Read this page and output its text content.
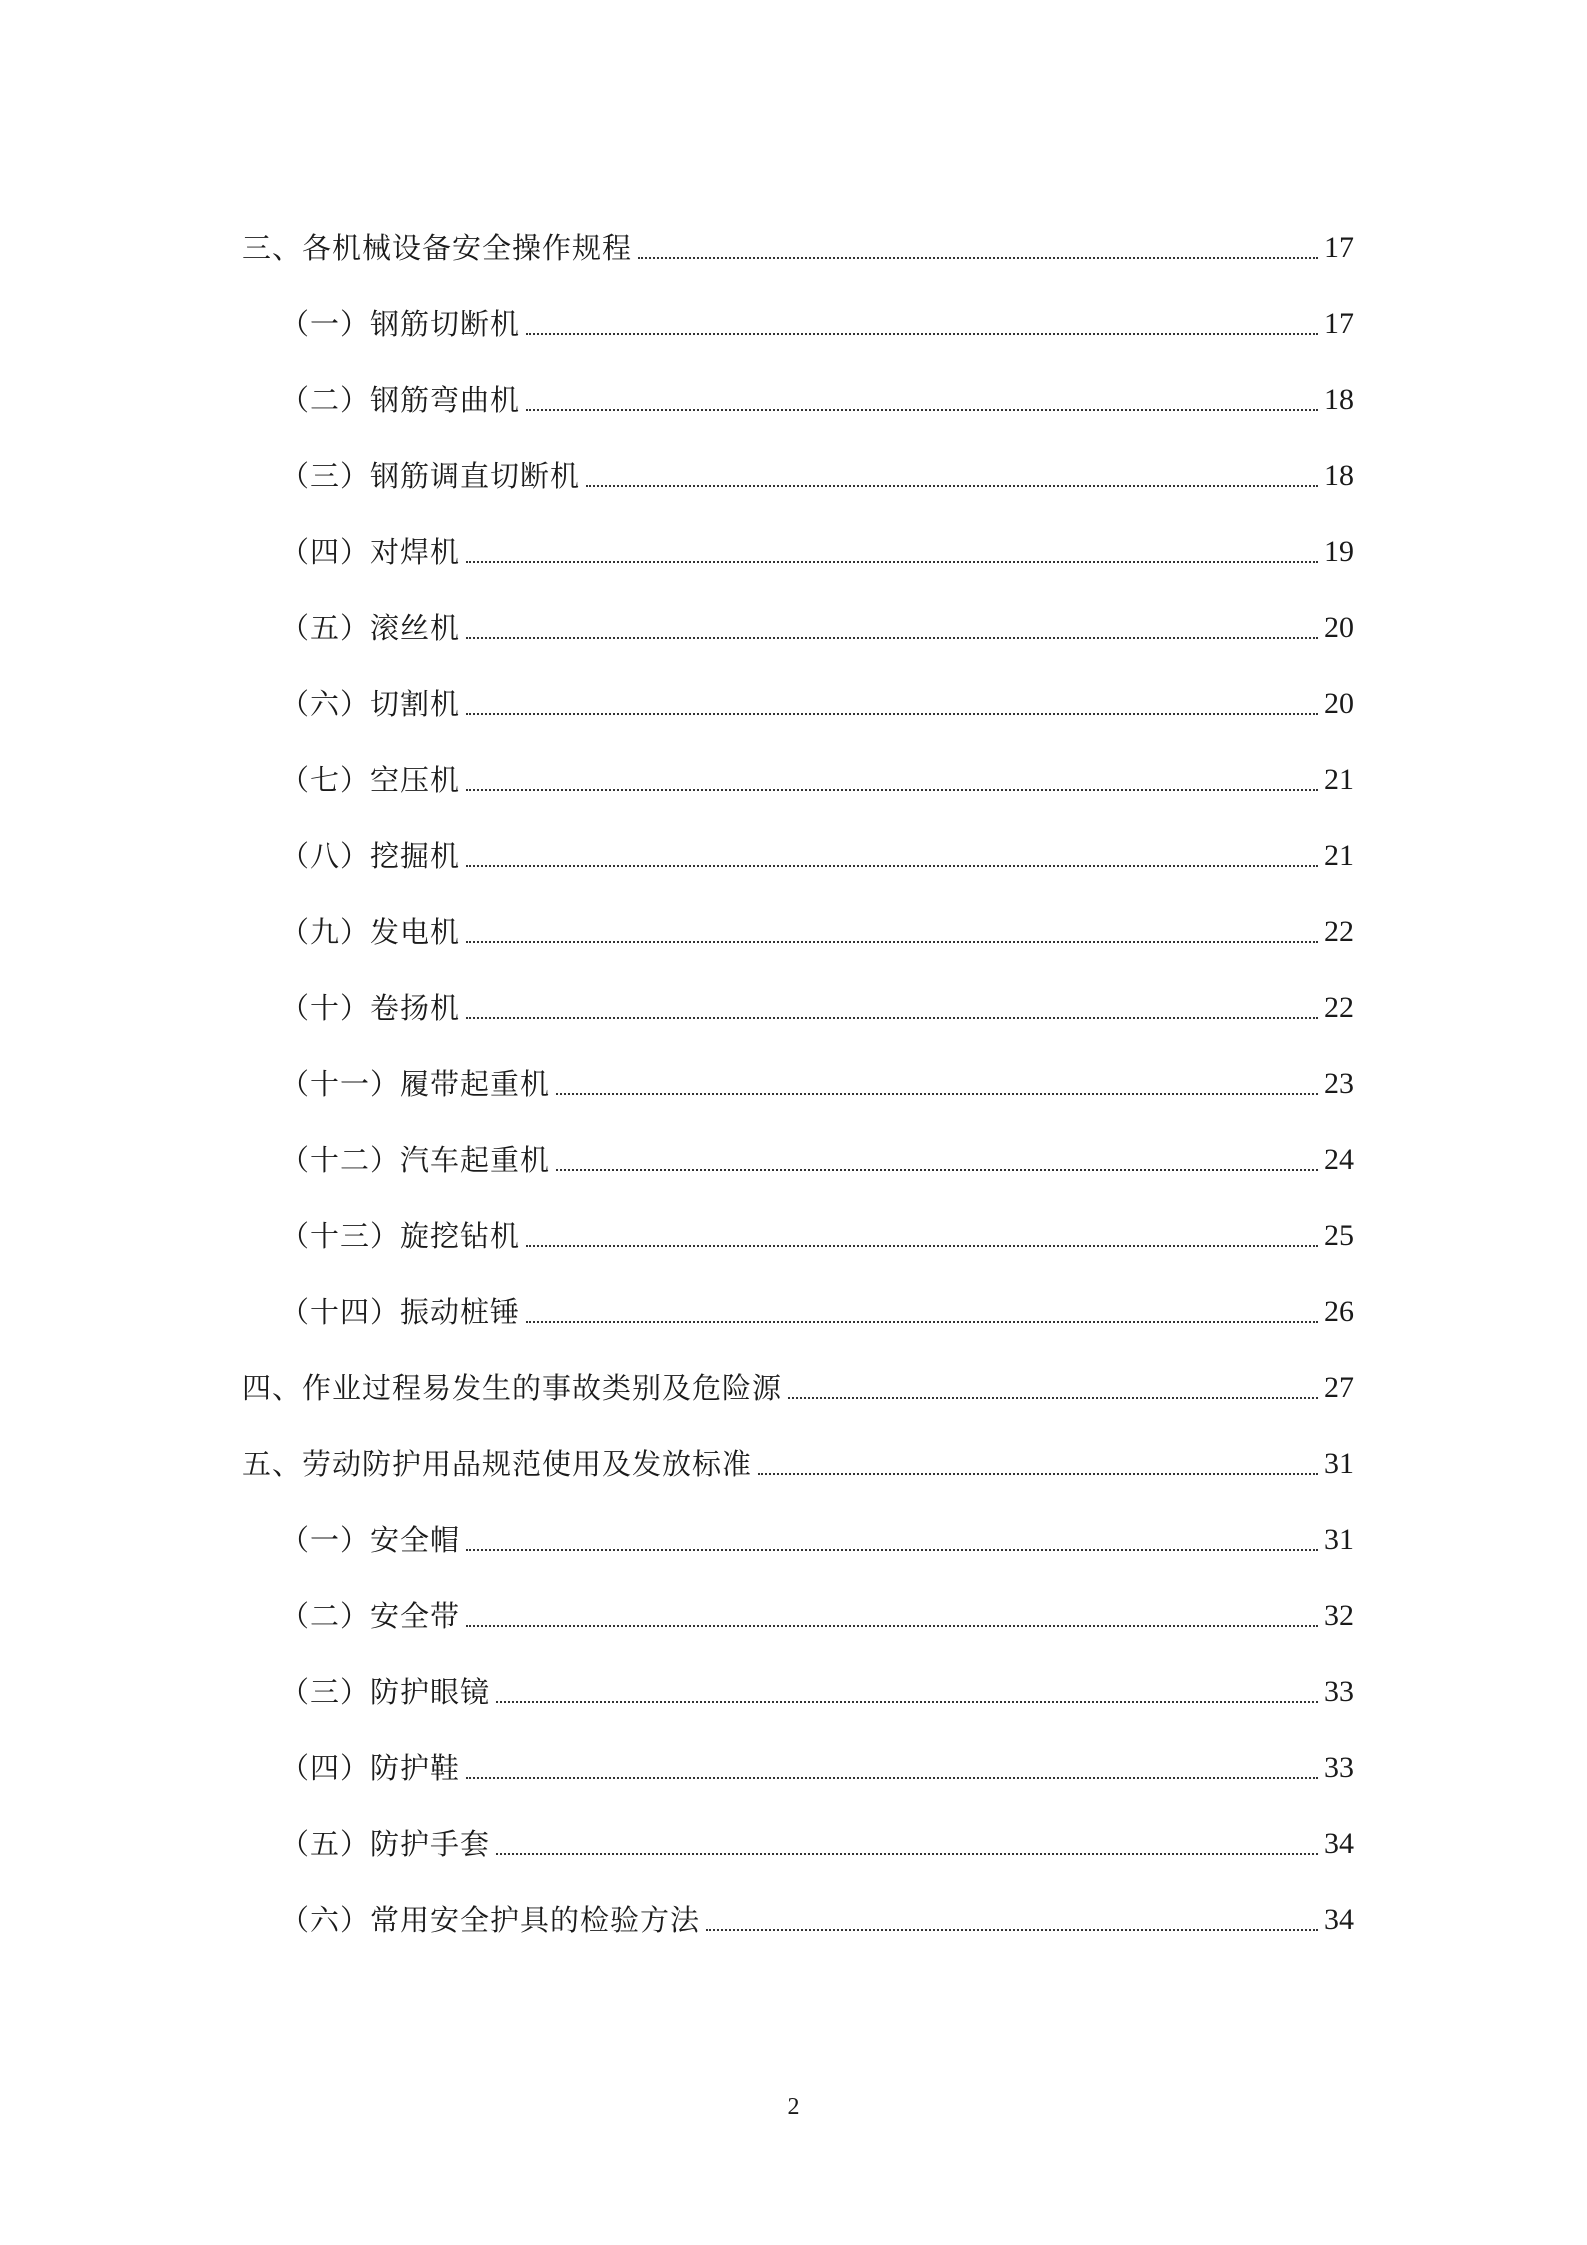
三、各机械设备安全操作规程	17
（一）钢筋切断机	17
（二）钢筋弯曲机	18
（三）钢筋调直切断机	18
（四）对焊机	19
（五）滚丝机	20
（六）切割机	20
（七）空压机	21
（八）挖掘机	21
（九）发电机	22
（十）卷扬机	22
（十一）履带起重机	23
（十二）汽车起重机	24
（十三）旋挖钻机	25
（十四）振动桩锤	26
四、作业过程易发生的事故类别及危险源	27
五、劳动防护用品规范使用及发放标准	31
（一）安全帽	31
（二）安全带	32
（三）防护眼镜	33
（四）防护鞋	33
（五）防护手套	34
（六）常用安全护具的检验方法	34
2
